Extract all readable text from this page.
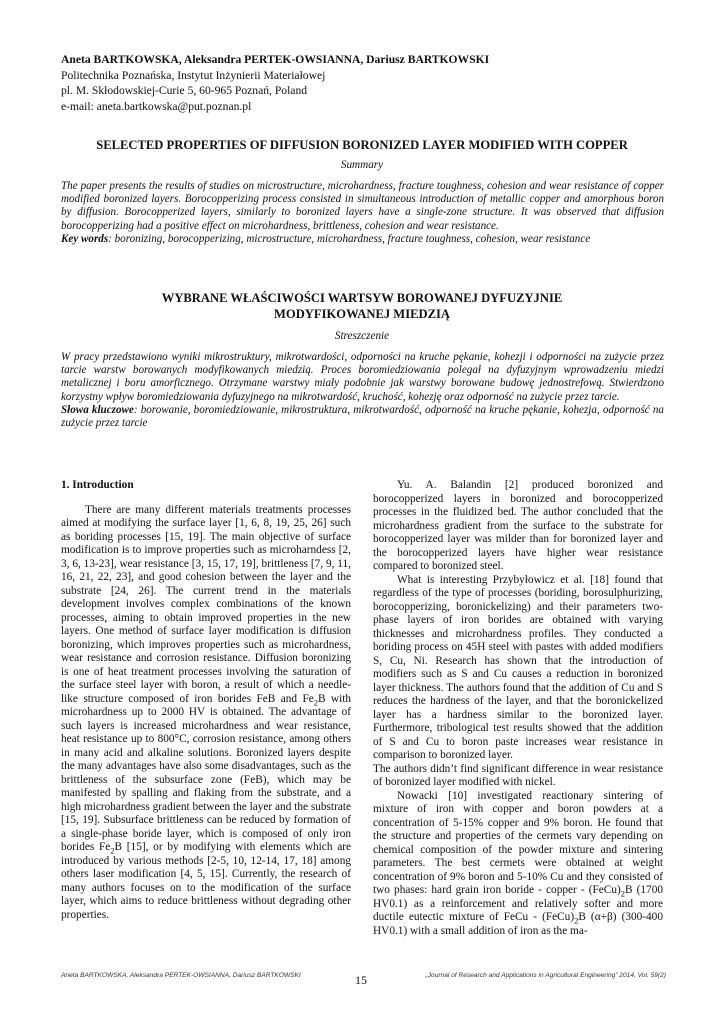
Aneta BARTKOWSKA, Aleksandra PERTEK-OWSIANNA, Dariusz BARTKOWSKI
Politechnika Poznańska, Instytut Inżynierii Materiałowej
pl. M. Skłodowskiej-Curie 5, 60-965 Poznań, Poland
e-mail: aneta.bartkowska@put.poznan.pl
SELECTED PROPERTIES OF DIFFUSION BORONIZED LAYER MODIFIED WITH COPPER
Summary
The paper presents the results of studies on microstructure, microhardness, fracture toughness, cohesion and wear resistance of copper modified boronized layers. Borocopperizing process consisted in simultaneous introduction of metallic copper and amorphous boron by diffusion. Borocopperized layers, similarly to boronized layers have a single-zone structure. It was observed that diffusion borocopperizing had a positive effect on microhardness, brittleness, cohesion and wear resistance.
Key words: boronizing, borocopperizing, microstructure, microhardness, fracture toughness, cohesion, wear resistance
WYBRANE WŁAŚCIWOŚCI WARTSYW BOROWANEJ DYFUZYJNIE
MODYFIKOWANEJ MIEDZIĄ
Streszczenie
W pracy przedstawiono wyniki mikrostruktury, mikrotwardości, odporności na kruche pękanie, kohezji i odporności na zużycie przez tarcie warstw borowanych modyfikowanych miedzią. Proces boromiedziowania polegał na dyfuzyjnym wprowadzeniu miedzi metalicznej i boru amorficznego. Otrzymane warstwy miały podobnie jak warstwy borowane budowę jednostrefową. Stwierdzono korzystny wpływ boromiedziowania dyfuzyjnego na mikrotwardość, kruchość, kohezję oraz odporność na zużycie przez tarcie.
Słowa kluczowe: borowanie, boromiedziowanie, mikrostruktura, mikrotwardość, odporność na kruche pękanie, kohezja, odporność na zużycie przez tarcie

1. Introduction

There are many different materials treatments processes aimed at modifying the surface layer [1, 6, 8, 19, 25, 26] such as boriding processes [15, 19]. The main objective of surface modification is to improve properties such as microharndess [2, 3, 6, 13-23], wear resistance [3, 15, 17, 19], brittleness [7, 9, 11, 16, 21, 22, 23], and good cohesion between the layer and the substrate [24, 26]. The current trend in the materials development involves complex combinations of the known processes, aiming to obtain improved properties in the new layers. One method of surface layer modification is diffusion boronizing, which improves properties such as microhardness, wear resistance and corrosion resistance. Diffusion boronizing is one of heat treatment processes involving the saturation of the surface steel layer with boron, a result of which a needle-like structure composed of iron borides FeB and $Fe_2B$ with microhardness up to 2000 HV is obtained. The advantage of such layers is increased microhardness and wear resistance, heat resistance up to 800°C, corrosion resistance, among others in many acid and alkaline solutions. Boronized layers despite the many advantages have also some disadvantages, such as the brittleness of the subsurface zone (FeB), which may be manifested by spalling and flaking from the substrate, and a high microhardness gradient between the layer and the substrate [15, 19]. Subsurface brittleness can be reduced by formation of a single-phase boride layer, which is composed of only iron borides $Fe_2B$ [15], or by modifying with elements which are introduced by various methods [2-5, 10, 12-14, 17, 18] among others laser modification [4, 5, 15]. Currently, the research of many authors focuses on to the modification of the surface layer, which aims to reduce brittleness without degrading other properties.

Yu. A. Balandin [2] produced boronized and borocopperized layers in boronized and borocopperized processes in the fluidized bed. The author concluded that the microhardness gradient from the surface to the substrate for borocopperized layer was milder than for boronized layer and the borocopperized layers have higher wear resistance compared to boronized steel.

What is interesting Przybyłowicz et al. [18] found that regardless of the type of processes (boriding, borosulphurizing, borocopperizing, boronickelizing) and their parameters two-phase layers of iron borides are obtained with varying thicknesses and microhardness profiles. They conducted a boriding process on 45H steel with pastes with added modifiers S, Cu, Ni. Research has shown that the introduction of modifiers such as S and Cu causes a reduction in boronized layer thickness. The authors found that the addition of Cu and S reduces the hardness of the layer, and that the boronickelized layer has a hardness similar to the boronized layer. Furthermore, tribological test results showed that the addition of S and Cu to boron paste increases wear resistance in comparison to boronized layer.

The authors didn’t find significant difference in wear resistance of boronized layer modified with nickel.

Nowacki [10] investigated reactionary sintering of mixture of iron with copper and boron powders at a concentration of 5-15% copper and 9% boron. He found that the structure and properties of the cermets vary depending on chemical composition of the powder mixture and sintering parameters. The best cermets were obtained at weight concentration of 9% boron and 5-10% Cu and they consisted of two phases: hard grain iron boride - copper - $(FeCu)_2B$ (1700 HV0.1) as a reinforcement and relatively softer and more ductile eutectic mixture of FeCu - $(FeCu)_2B$ (α+β) (300-400 HV0.1) with a small addition of iron as the ma-

Aneta BARTKOWSKA, Aleksandra PERTEK-OWSIANNA, Dariusz BARTKOWSKI	15	„Journal of Research and Applications in Agricultural Engineering” 2014, Vol. 59(2)
